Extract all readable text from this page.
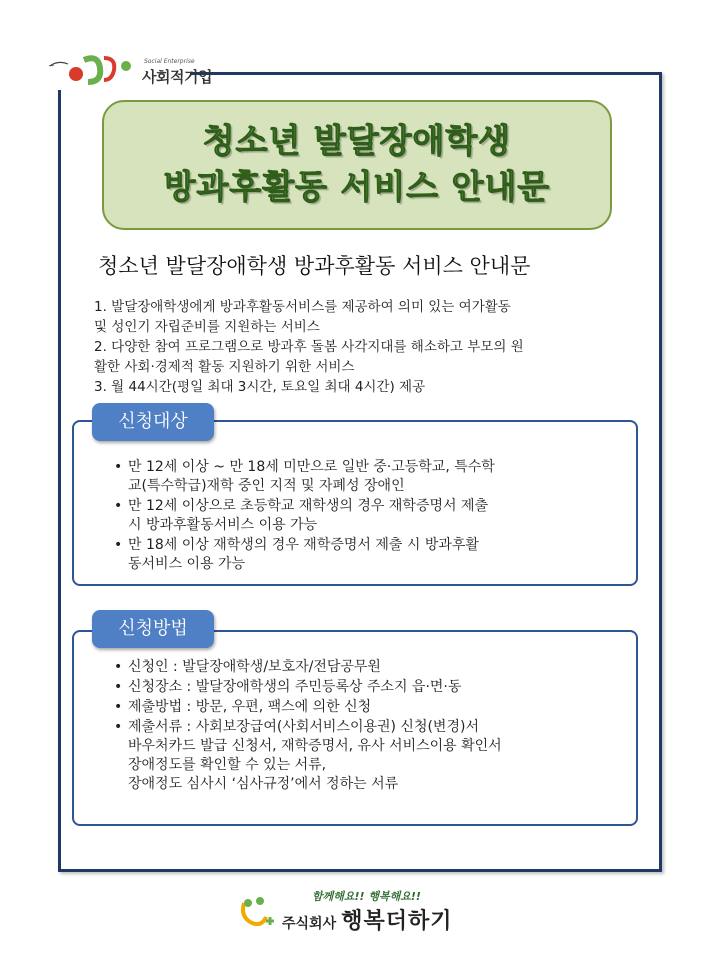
~	Social Enterprise
사회적기업
청소년 발달장애학생
방과후활동 서비스 안내문
청소년 발달장애학생 방과후활동 서비스 안내문

1. 발달장애학생에게 방과후활동서비스를 제공하여 의미 있는 여가활동

및 성인기 자립준비를 지원하는 서비스

2. 다양한 참여 프로그램으로 방과후 돌봄 사각지대를 해소하고 부모의 원

활한 사회·경제적 활동 지원하기 위한 서비스

3. 월 44시간(평일 최대 3시간, 토요일 최대 4시간) 제공

신청대상
• 만 12세 이상 ~ 만 18세 미만으로 일반 중·고등학교, 특수학
교(특수학급)재학 중인 지적 및 자폐성 장애인
• 만 12세 이상으로 초등학교 재학생의 경우 재학증명서 제출
시 방과후활동서비스 이용 가능
• 만 18세 이상 재학생의 경우 재학증명서 제출 시 방과후활
동서비스 이용 가능
신청방법
• 신청인 : 발달장애학생/보호자/전담공무원
• 신청장소 : 발달장애학생의 주민등록상 주소지 읍·면·동
• 제출방법 : 방문, 우편, 팩스에 의한 신청
• 제출서류 : 사회보장급여(사회서비스이용권) 신청(변경)서
바우처카드 발급 신청서, 재학증명서, 유사 서비스이용 확인서
장애정도를 확인할 수 있는 서류,
장애정도 심사시 ‘심사규정’에서 정하는 서류
함께해요!! 행복해요!!
주식회사 행복더하기
